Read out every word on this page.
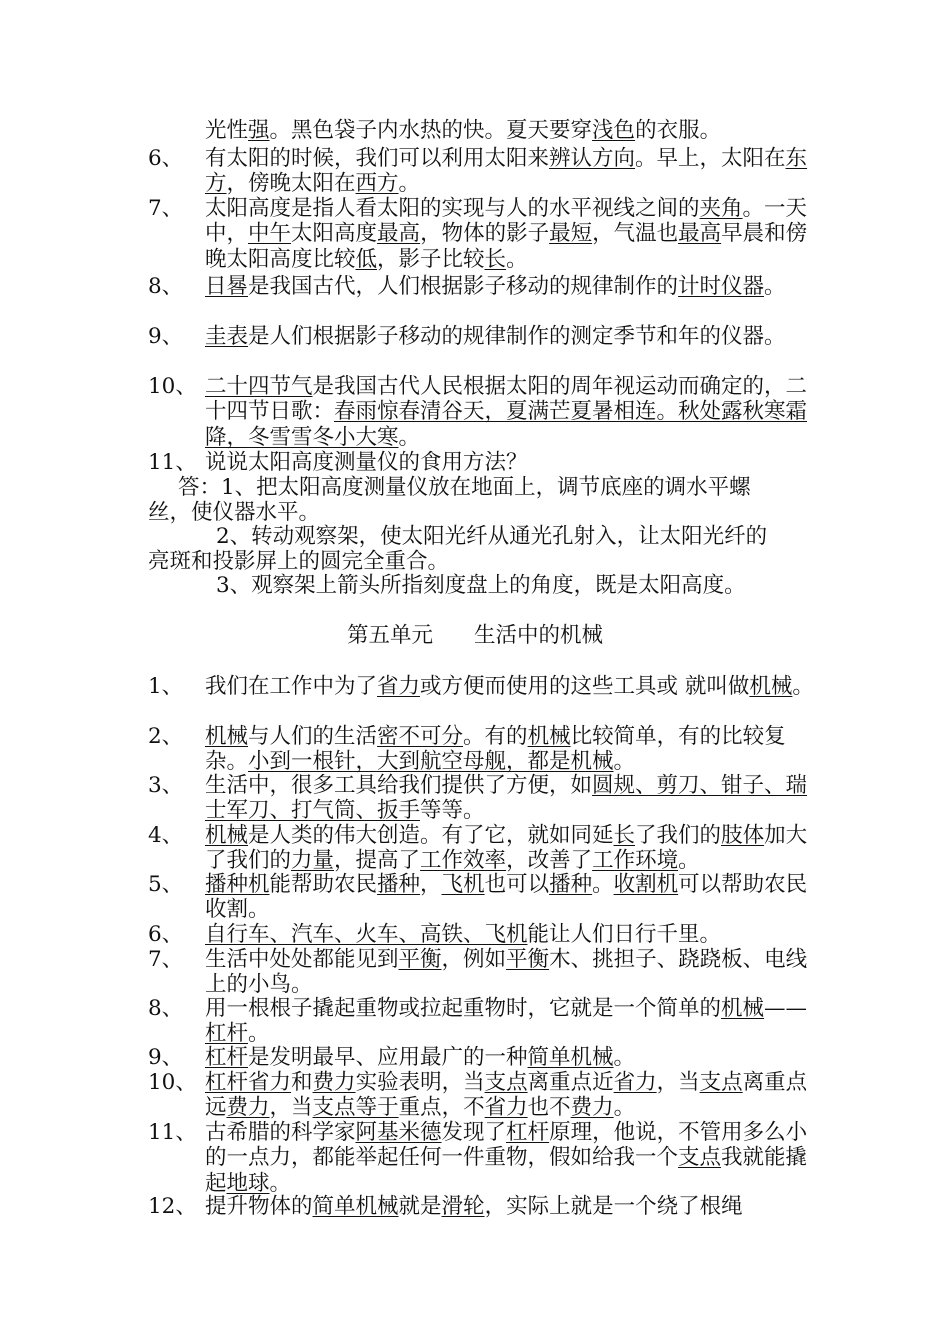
光性强。黑色袋子内水热的快。夏天要穿浅色的衣服。
6、 有太阳的时候，我们可以利用太阳来辨认方向。早上，太阳在东方，傍晚太阳在西方。
7、 太阳高度是指人看太阳的实现与人的水平视线之间的夹角。一天中，中午太阳高度最高，物体的影子最短，气温也最高早晨和傍晚太阳高度比较低，影子比较长。
8、 日晷是我国古代，人们根据影子移动的规律制作的计时仪器。
9、 圭表是人们根据影子移动的规律制作的测定季节和年的仪器。
10、 二十四节气是我国古代人民根据太阳的周年视运动而确定的，二十四节日歌：春雨惊春清谷天，夏满芒夏暑相连。秋处露秋寒霜降，冬雪雪冬小大寒。
11、 说说太阳高度测量仪的食用方法？
答：1、把太阳高度测量仪放在地面上，调节底座的调水平螺
丝，使仪器水平。
2、转动观察架，使太阳光纤从通光孔射入，让太阳光纤的
亮斑和投影屏上的圆完全重合。
3、观察架上箭头所指刻度盘上的角度，既是太阳高度。
第五单元      生活中的机械
1、 我们在工作中为了省力或方便而使用的这些工具或 就叫做机械。
2、 机械与人们的生活密不可分。有的机械比较简单，有的比较复杂。小到一根针，大到航空母舰，都是机械。
3、 生活中，很多工具给我们提供了方便，如圆规、剪刀、钳子、瑞士军刀、打气筒、扳手等等。
4、 机械是人类的伟大创造。有了它，就如同延长了我们的肢体加大了我们的力量，提高了工作效率，改善了工作环境。
5、 播种机能帮助农民播种，飞机也可以播种。收割机可以帮助农民收割。
6、 自行车、汽车、火车、高铁、飞机能让人们日行千里。
7、 生活中处处都能见到平衡，例如平衡木、挑担子、跷跷板、电线上的小鸟。
8、 用一根根子撬起重物或拉起重物时，它就是一个简单的机械——杠杆。
9、 杠杆是发明最早、应用最广的一种简单机械。
10、 杠杆省力和费力实验表明，当支点离重点近省力，当支点离重点远费力，当支点等于重点，不省力也不费力。
11、 古希腊的科学家阿基米德发现了杠杆原理，他说，不管用多么小的一点力，都能举起任何一件重物，假如给我一个支点我就能撬起地球。
12、 提升物体的简单机械就是滑轮，实际上就是一个绕了根绳
